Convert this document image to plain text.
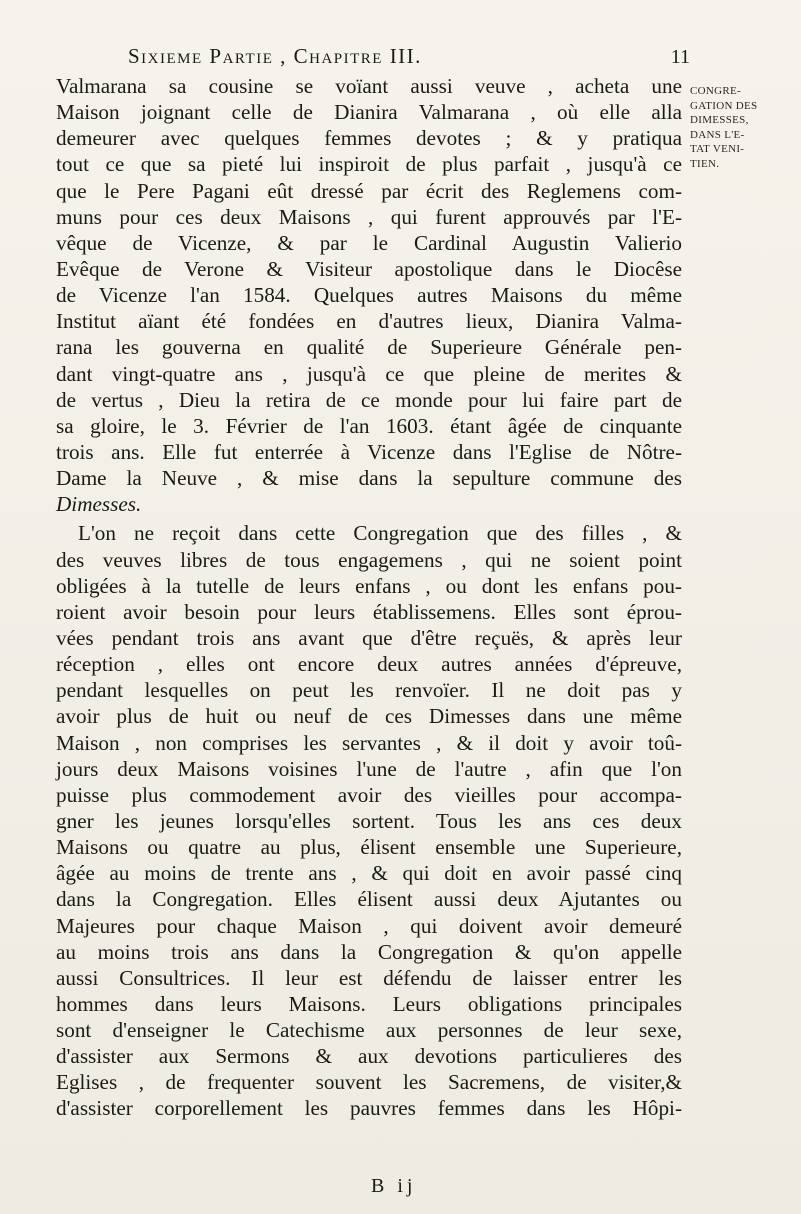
Sixieme Partie , Chapitre III.	11
CONGRE-
GATION DES
DIMESSES,
DANS L'E-
TAT VENI-
TIEN.
Valmarana sa cousine se voïant aussi veuve , acheta une
Maison joignant celle de Dianira Valmarana , où elle alla
demeurer avec quelques femmes devotes ; & y pratiqua
tout ce que sa pieté lui inspiroit de plus parfait , jusqu'à ce
que le Pere Pagani eût dressé par écrit des Reglemens com-
muns pour ces deux Maisons , qui furent approuvés par l'E-
vêque de Vicenze, & par le Cardinal Augustin Valierio
Evêque de Verone & Visiteur apostolique dans le Diocêse
de Vicenze l'an 1584. Quelques autres Maisons du même
Institut aïant été fondées en d'autres lieux, Dianira Valma-
rana les gouverna en qualité de Superieure Générale pen-
dant vingt-quatre ans , jusqu'à ce que pleine de merites &
de vertus , Dieu la retira de ce monde pour lui faire part de
sa gloire, le 3. Février de l'an 1603. étant âgée de cinquante
trois ans. Elle fut enterrée à Vicenze dans l'Eglise de Nôtre-
Dame la Neuve , & mise dans la sepulture commune des
Dimesses.
L'on ne reçoit dans cette Congregation que des filles , &
des veuves libres de tous engagemens , qui ne soient point
obligées à la tutelle de leurs enfans , ou dont les enfans pou-
roient avoir besoin pour leurs établissemens. Elles sont éprou-
vées pendant trois ans avant que d'être reçuës, & après leur
réception , elles ont encore deux autres années d'épreuve,
pendant lesquelles on peut les renvoïer. Il ne doit pas y
avoir plus de huit ou neuf de ces Dimesses dans une même
Maison , non comprises les servantes , & il doit y avoir toû-
jours deux Maisons voisines l'une de l'autre , afin que l'on
puisse plus commodement avoir des vieilles pour accompa-
gner les jeunes lorsqu'elles sortent. Tous les ans ces deux
Maisons ou quatre au plus, élisent ensemble une Superieure,
âgée au moins de trente ans , & qui doit en avoir passé cinq
dans la Congregation. Elles élisent aussi deux Ajutantes ou
Majeures pour chaque Maison , qui doivent avoir demeuré
au moins trois ans dans la Congregation & qu'on appelle
aussi Consultrices. Il leur est défendu de laisser entrer les
hommes dans leurs Maisons. Leurs obligations principales
sont d'enseigner le Catechisme aux personnes de leur sexe,
d'assister aux Sermons & aux devotions particulieres des
Eglises , de frequenter souvent les Sacremens, de visiter,&
d'assister corporellement les pauvres femmes dans les Hôpi-
B ij
